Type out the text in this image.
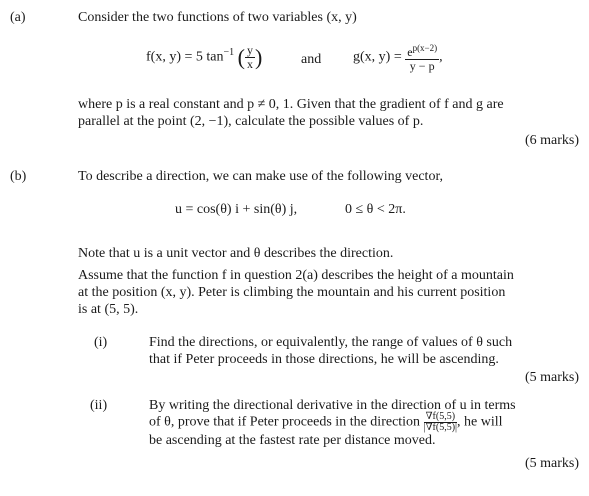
(a)	Consider the two functions of two variables (x, y)
f(x, y) = 5 $\tan^{-1}$ ( $\frac{y}{x}$ )	and g(x, $y) = \frac{e^{p(x-2)}}{y - p}$ ,
where p is a real constant and p ≠ 0, 1. Given that the gradient of f and g are
parallel at the point (2, −1), calculate the possible values of p.
(6 marks)
(b)	To describe a direction, we can make use of the following vector,
u = cos(θ) i + sin(θ) j,	0 ≤ θ < 2π.
Note that u is a unit vector and θ describes the direction.
Assume that the function f in question 2(a) describes the height of a mountain
at the position (x, y). Peter is climbing the mountain and his current position
is at (5, 5).
(i)	Find the directions, or equivalently, the range of values of θ such
that if Peter proceeds in those directions, he will be ascending.
(5 marks)
(ii)	By writing the directional derivative in the direction of u in terms
of θ, prove that if Peter proceeds in the direction $\frac{\nabla f(5,5)}{|\nabla f(5,5)|}$ , he will
be ascending at the fastest rate per distance moved.
(5 marks)
